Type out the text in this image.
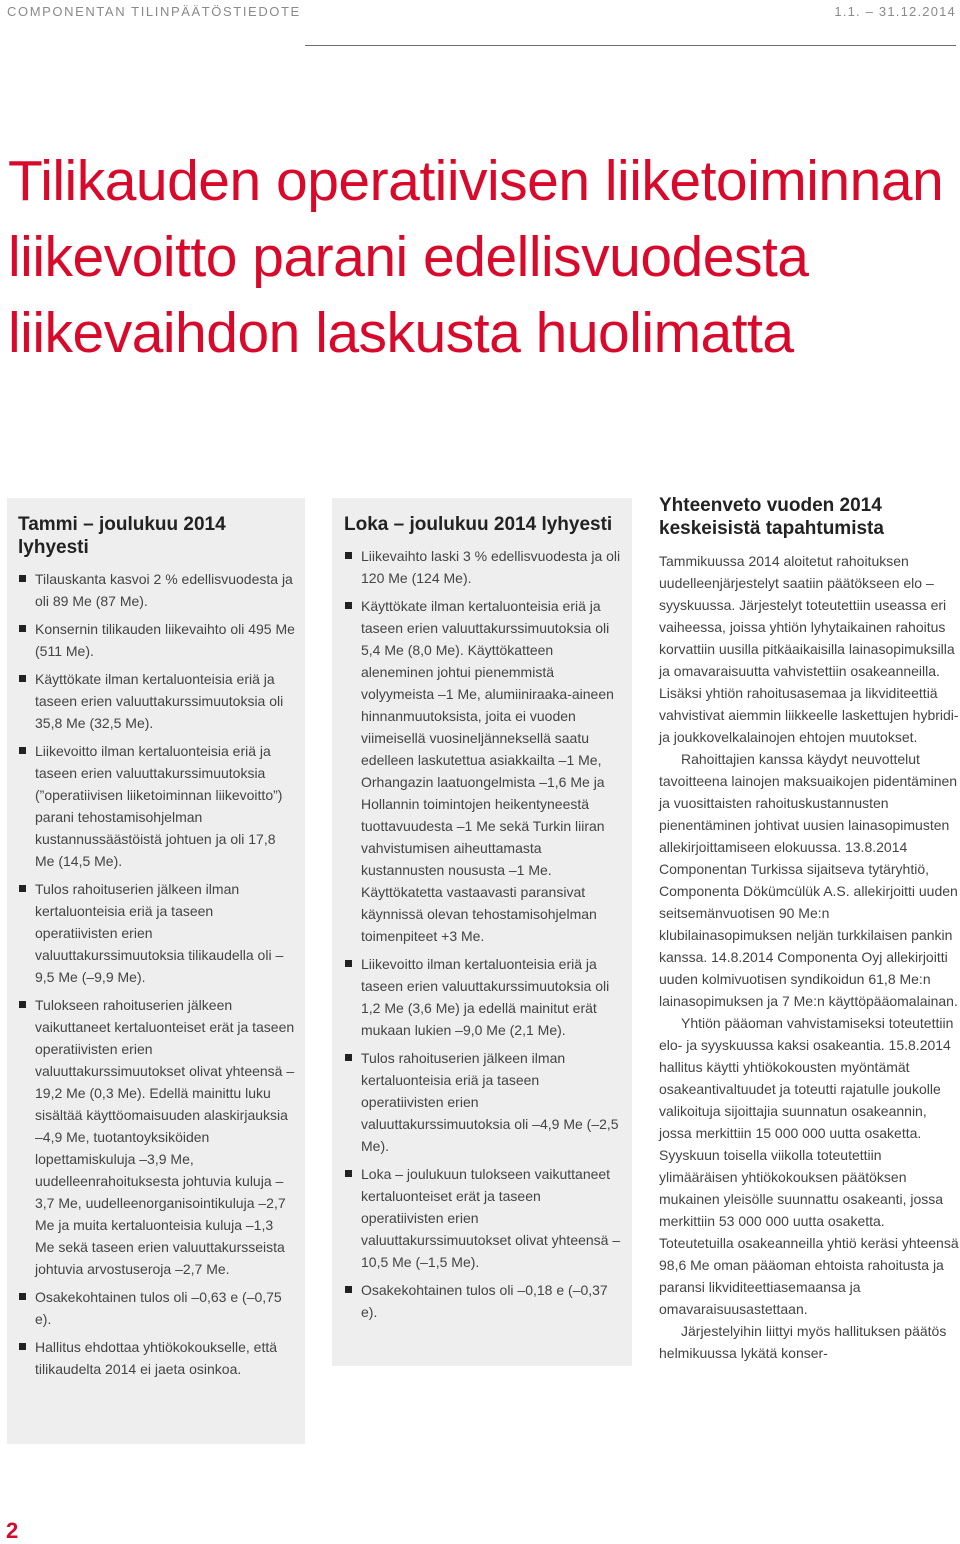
COMPONENTAN TILINPÄÄTÖSTIEDOTE	1.1. – 31.12.2014
Tilikauden operatiivisen liiketoiminnan liikevoitto parani edellisvuodesta liikevaihdon laskusta huolimatta
Tammi – joulukuu 2014 lyhyesti
Tilauskanta kasvoi 2 % edellisvuodesta ja oli 89 Me (87 Me).
Konsernin tilikauden liikevaihto oli 495 Me (511 Me).
Käyttökate ilman kertaluonteisia eriä ja taseen erien valuuttakurssimuutoksia oli 35,8 Me (32,5 Me).
Liikevoitto ilman kertaluonteisia eriä ja taseen erien valuuttakurssimuutoksia (”operatiivisen liiketoiminnan liikevoitto”) parani tehostamisohjelman kustannussäästöistä johtuen ja oli 17,8 Me (14,5 Me).
Tulos rahoituserien jälkeen ilman kertaluonteisia eriä ja taseen operatiivisten erien valuuttakurssimuutoksia tilikaudella oli –9,5 Me (–9,9 Me).
Tulokseen rahoituserien jälkeen vaikuttaneet kertaluonteiset erät ja taseen operatiivisten erien valuuttakurssimuutokset olivat yhteensä –19,2 Me (0,3 Me). Edellä mainittu luku sisältää käyttöomaisuuden alaskirjauksia –4,9 Me, tuotantoyksiköiden lopettamiskuluja –3,9 Me, uudelleenrahoituksesta johtuvia kuluja –3,7 Me, uudelleenorganisointikuluja –2,7 Me ja muita kertaluonteisia kuluja –1,3 Me sekä taseen erien valuuttakursseista johtuvia arvostuseroja –2,7 Me.
Osakekohtainen tulos oli –0,63 e (–0,75 e).
Hallitus ehdottaa yhtiökokoukselle, että tilikaudelta 2014 ei jaeta osinkoa.
Loka – joulukuu 2014 lyhyesti
Liikevaihto laski 3 % edellisvuodesta ja oli 120 Me (124 Me).
Käyttökate ilman kertaluonteisia eriä ja taseen erien valuuttakurssimuutoksia oli 5,4 Me (8,0 Me). Käyttökatteen aleneminen johtui pienemmistä volyymeista –1 Me, alumiiniraaka-aineen hinnanmuutoksista, joita ei vuoden viimeisellä vuosineljänneksellä saatu edelleen laskutettua asiakkailta –1 Me, Orhangazin laatuongelmista –1,6 Me ja Hollannin toimintojen heikentyneestä tuottavuudesta –1 Me sekä Turkin liiran vahvistumisen aiheuttamasta kustannusten noususta –1 Me. Käyttökatetta vastaavasti paransivat käynnissä olevan tehostamisohjelman toimenpiteet +3 Me.
Liikevoitto ilman kertaluonteisia eriä ja taseen erien valuuttakurssimuutoksia oli 1,2 Me (3,6 Me) ja edellä mainitut erät mukaan lukien –9,0 Me (2,1 Me).
Tulos rahoituserien jälkeen ilman kertaluonteisia eriä ja taseen operatiivisten erien valuuttakurssimuutoksia oli –4,9 Me (–2,5 Me).
Loka – joulukuun tulokseen vaikuttaneet kertaluonteiset erät ja taseen operatiivisten erien valuuttakurssimuutokset olivat yhteensä –10,5 Me (–1,5 Me).
Osakekohtainen tulos oli –0,18 e (–0,37 e).
Yhteenveto vuoden 2014 keskeisistä tapahtumista

Tammikuussa 2014 aloitetut rahoituksen uudelleenjärjestelyt saatiin päätökseen elo – syyskuussa. Järjestelyt toteutettiin useassa eri vaiheessa, joissa yhtiön lyhytaikainen rahoitus korvattiin uusilla pitkäaikaisilla lainasopimuksilla ja omavaraisuutta vahvistettiin osakeanneilla. Lisäksi yhtiön rahoitusasemaa ja likviditeettiä vahvistivat aiemmin liikkeelle laskettujen hybridi- ja joukkovelkalainojen ehtojen muutokset.

Rahoittajien kanssa käydyt neuvottelut tavoitteena lainojen maksuaikojen pidentäminen ja vuosittaisten rahoituskustannusten pienentäminen johtivat uusien lainasopimusten allekirjoittamiseen elokuussa. 13.8.2014 Componentan Turkissa sijaitseva tytäryhtiö, Componenta Dökümcülük A.S. allekirjoitti uuden seitsemänvuotisen 90 Me:n klubilainasopimuksen neljän turkkilaisen pankin kanssa. 14.8.2014 Componenta Oyj allekirjoitti uuden kolmivuotisen syndikoidun 61,8 Me:n lainasopimuksen ja 7 Me:n käyttöpääomalainan.

Yhtiön pääoman vahvistamiseksi toteutettiin elo- ja syyskuussa kaksi osakeantia. 15.8.2014 hallitus käytti yhtiökokousten myöntämät osakeantivaltuudet ja toteutti rajatulle joukolle valikoituja sijoittajia suunnatun osakeannin, jossa merkittiin 15 000 000 uutta osaketta. Syyskuun toisella viikolla toteutettiin ylimääräisen yhtiökokouksen päätöksen mukainen yleisölle suunnattu osakeanti, jossa merkittiin 53 000 000 uutta osaketta. Toteutetuilla osakeanneilla yhtiö keräsi yhteensä 98,6 Me oman pääoman ehtoista rahoitusta ja paransi likviditeettiasemaansa ja omavaraisuusastettaan.

Järjestelyihin liittyi myös hallituksen päätös helmikuussa lykätä konser-

2
